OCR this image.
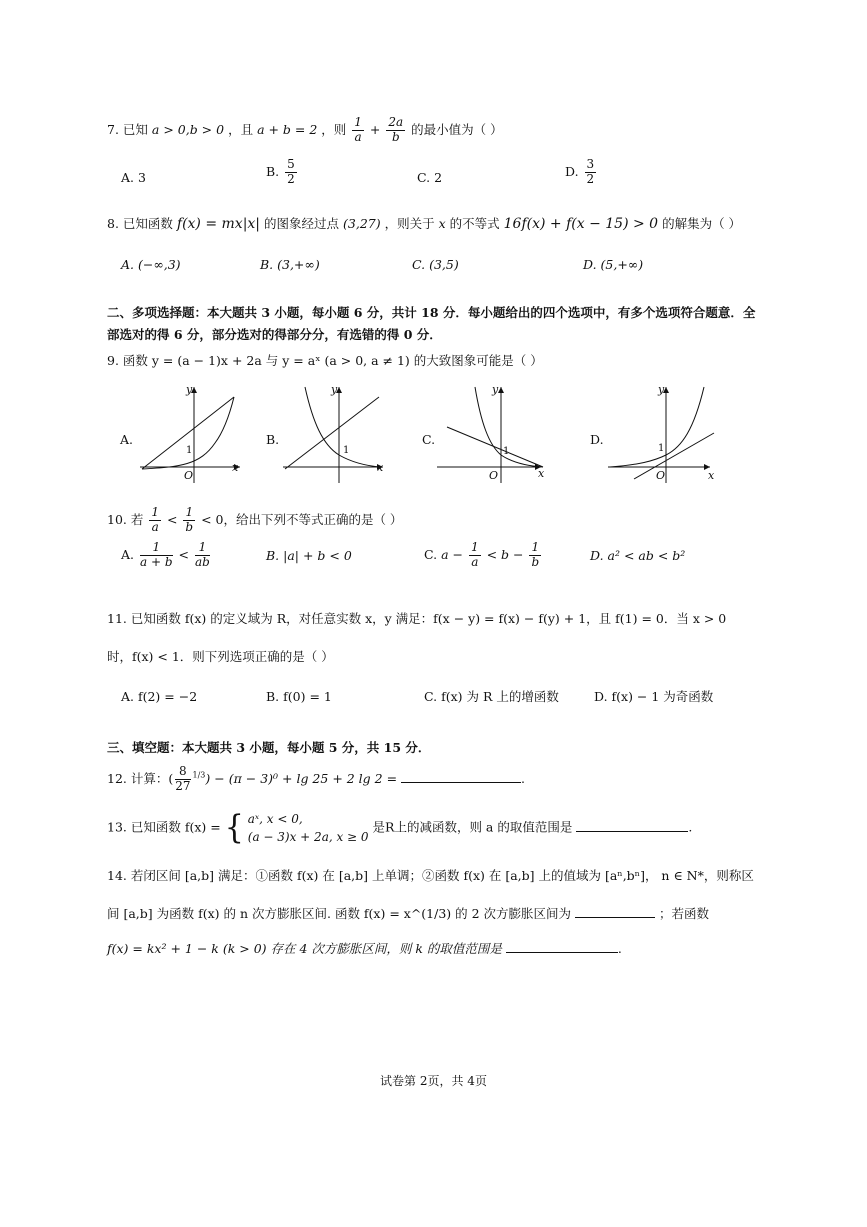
7. 已知 a > 0,b > 0 ，且 a + b = 2 ，则 $\frac{1}{a} + \frac{2a}{b}$ 的最小值为（ ）
A. 3	B. $\frac{5}{2}$	C. 2	D. $\frac{3}{2}$
8. 已知函数 f(x) = mx|x| 的图象经过点 (3,27) ，则关于 x 的不等式 16f(x) + f(x − 15) > 0 的解集为（ ）
A. (−∞,3)	B. (3,+∞)	C. (3,5)	D. (5,+∞)
二、多项选择题：本大题共 3 小题，每小题 6 分，共计 18 分．每小题给出的四个选项中，有多个选项符合题意．全
部选对的得 6 分，部分选对的得部分分，有选错的得 0 分．
9. 函数 y = (a − 1)x + 2a 与 y = aˣ (a > 0, a ≠ 1) 的大致图象可能是（ ）
A.
y
x
O
1
B.
y
x
1
C.
y
x
O
1
D.
y
x
O
1
10. 若 $\frac{1}{a} < \frac{1}{b} < 0$，给出下列不等式正确的是（ ）
A. $\frac{1}{a + b} < \frac{1}{ab}$	B. |a| + b < 0	C. $a - \frac{1}{a} < b - \frac{1}{b}$	D. a² < ab < b²
11. 已知函数 f(x) 的定义域为 R，对任意实数 x，y 满足：f(x − y) = f(x) − f(y) + 1，且 f(1) = 0．当 x > 0
时，f(x) < 1．则下列选项正确的是（ ）
A. f(2) = −2	B. f(0) = 1	C. f(x) 为 R 上的增函数	D. f(x) − 1 为奇函数
三、填空题：本大题共 3 小题，每小题 5 分，共 15 分．
12. 计算：( $\frac{8}{27} ^{1/3}) - (\pi - 3)^0 + \lg 25 + 2$ lg 2 =	.
13. 已知函数 f(x) = { aˣ, x < 0,
(a − 3)x + 2a, x ≥ 0
是R上的减函数，则 a 的取值范围是	.
14. 若闭区间 [a,b] 满足：①函数 f(x) 在 [a,b] 上单调；②函数 f(x) 在 [a,b] 上的值域为 [aⁿ,bⁿ]， n ∈ N*，则称区
间 [a,b] 为函数 f(x) 的 n 次方膨胀区间. 函数 f(x) = x^(1/3) 的 2 次方膨胀区间为	；若函数
f(x) = kx² + 1 − k (k > 0) 存在 4 次方膨胀区间，则 k 的取值范围是	.
试卷第 2页，共 4页
